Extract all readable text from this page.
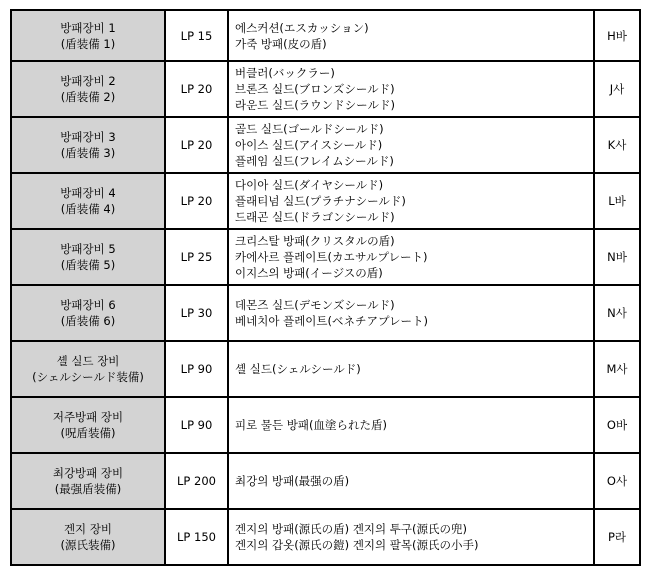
방패장비 1
(盾装備 1)	LP 15	에스커션(エスカッション)
가죽 방패(皮の盾)	H바

방패장비 2
(盾装備 2)	LP 20	버클러(バックラー)
브론즈 실드(ブロンズシールド)
라운드 실드(ラウンドシールド)	J사

방패장비 3
(盾装備 3)	LP 20	골드 실드(ゴールドシールド)
아이스 실드(アイスシールド)
플레임 실드(フレイムシールド)	K사

방패장비 4
(盾装備 4)	LP 20	다이아 실드(ダイヤシールド)
플래티넘 실드(プラチナシールド)
드래곤 실드(ドラゴンシールド)	L바

방패장비 5
(盾装備 5)	LP 25	크리스탈 방패(クリスタルの盾)
카에사르 플레이트(カエサルプレート)
이지스의 방패(イージスの盾)	N바

방패장비 6
(盾装備 6)	LP 30	데몬즈 실드(デモンズシールド)
베네치아 플레이트(ベネチアプレート)	N사

셸 실드 장비
(シェルシールド装備)	LP 90	셸 실드(シェルシールド)	M사

저주방패 장비
(呪盾装備)	LP 90	피로 물든 방패(血塗られた盾)	O바

최강방패 장비
(最强盾装備)	LP 200	최강의 방패(最强の盾)	O사

겐지 장비
(源氏装備)	LP 150	겐지의 방패(源氏の盾) 겐지의 투구(源氏の兜)
겐지의 갑옷(源氏の鎧) 겐지의 팔목(源氏の小手)	P라
